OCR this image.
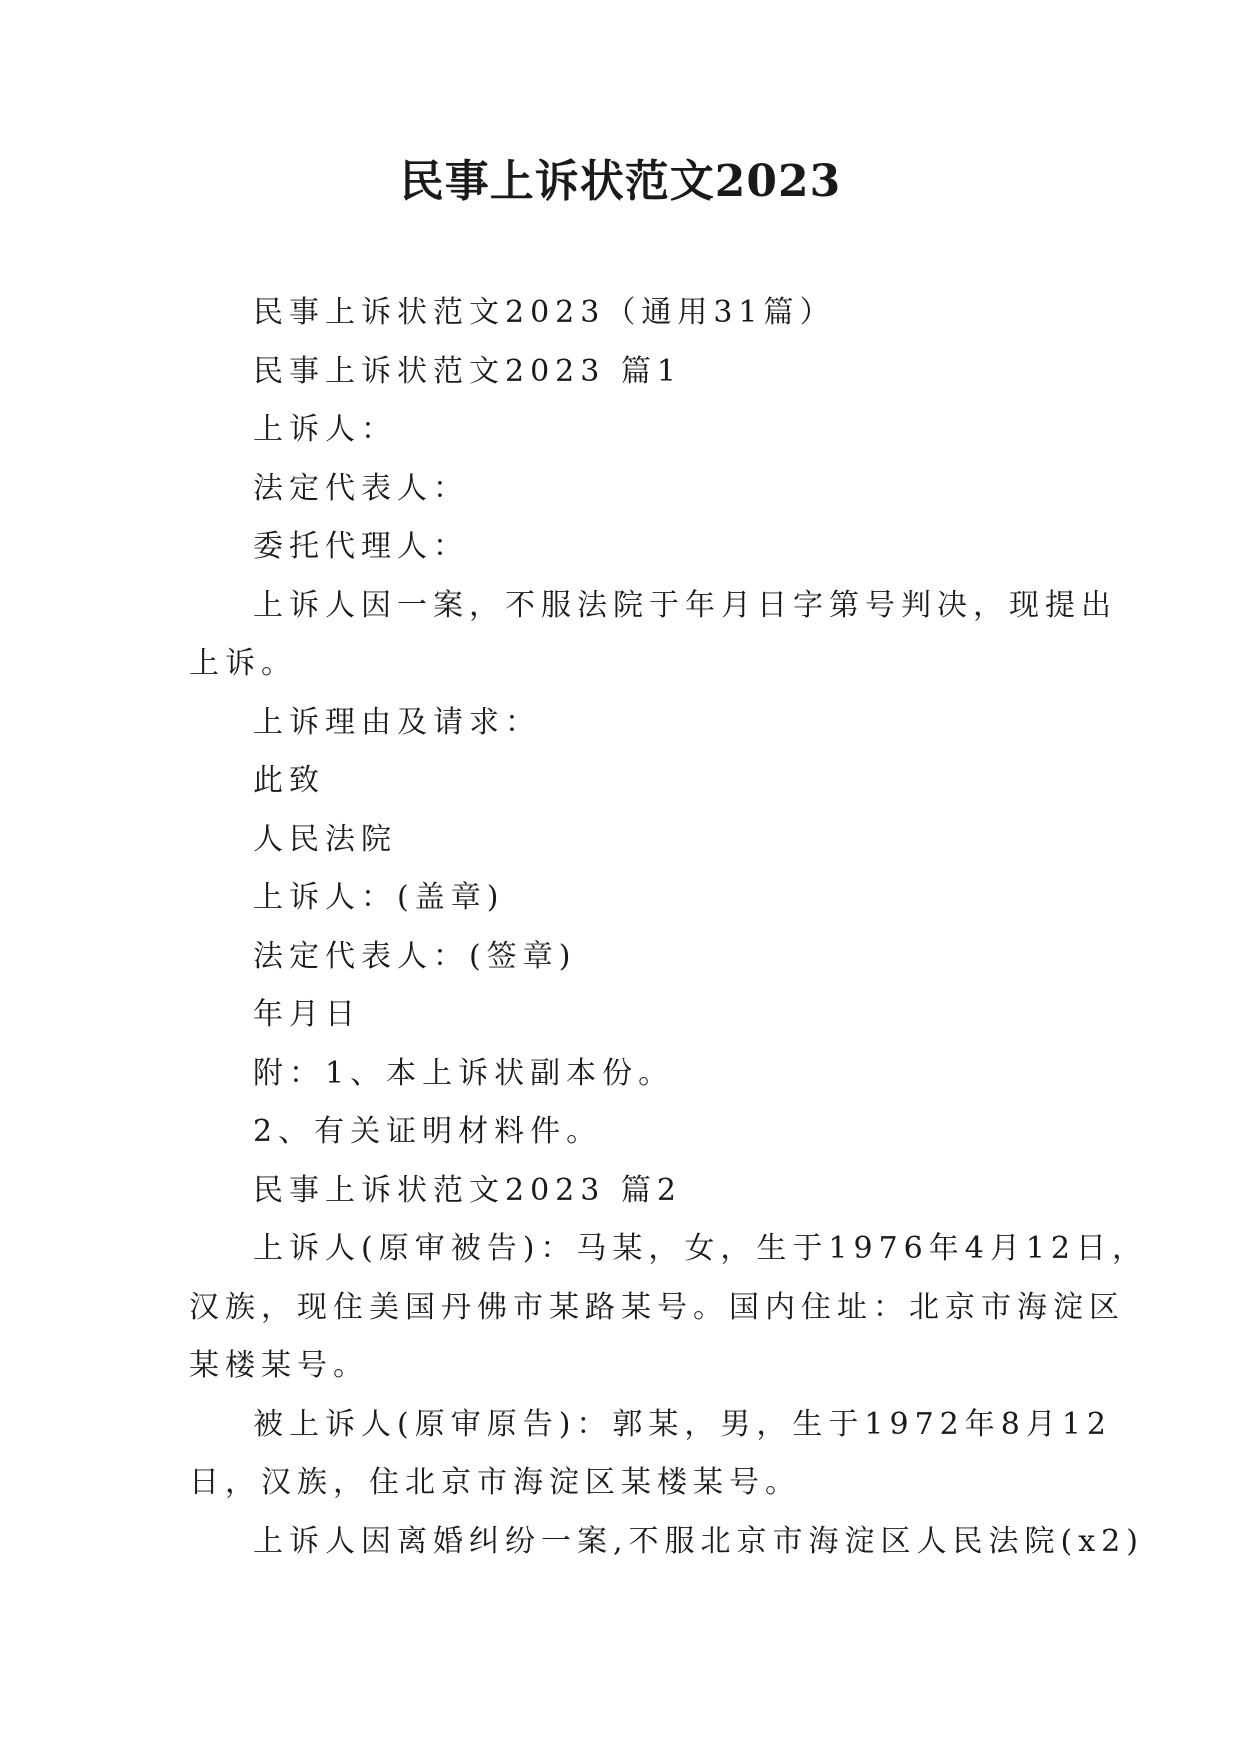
民事上诉状范文2023

民事上诉状范文2023（通用31篇）

民事上诉状范文2023 篇1

上诉人：

法定代表人：

委托代理人：

上诉人因一案，不服法院于年月日字第号判决，现提出

上诉。

上诉理由及请求：

此致

人民法院

上诉人：(盖章)

法定代表人：(签章)

年月日

附：1、本上诉状副本份。

2、有关证明材料件。

民事上诉状范文2023 篇2

上诉人(原审被告)：马某，女，生于1976年4月12日，

汉族，现住美国丹佛市某路某号。国内住址：北京市海淀区

某楼某号。

被上诉人(原审原告)：郭某，男，生于1972年8月12

日，汉族，住北京市海淀区某楼某号。

上诉人因离婚纠纷一案,不服北京市海淀区人民法院(x2)
